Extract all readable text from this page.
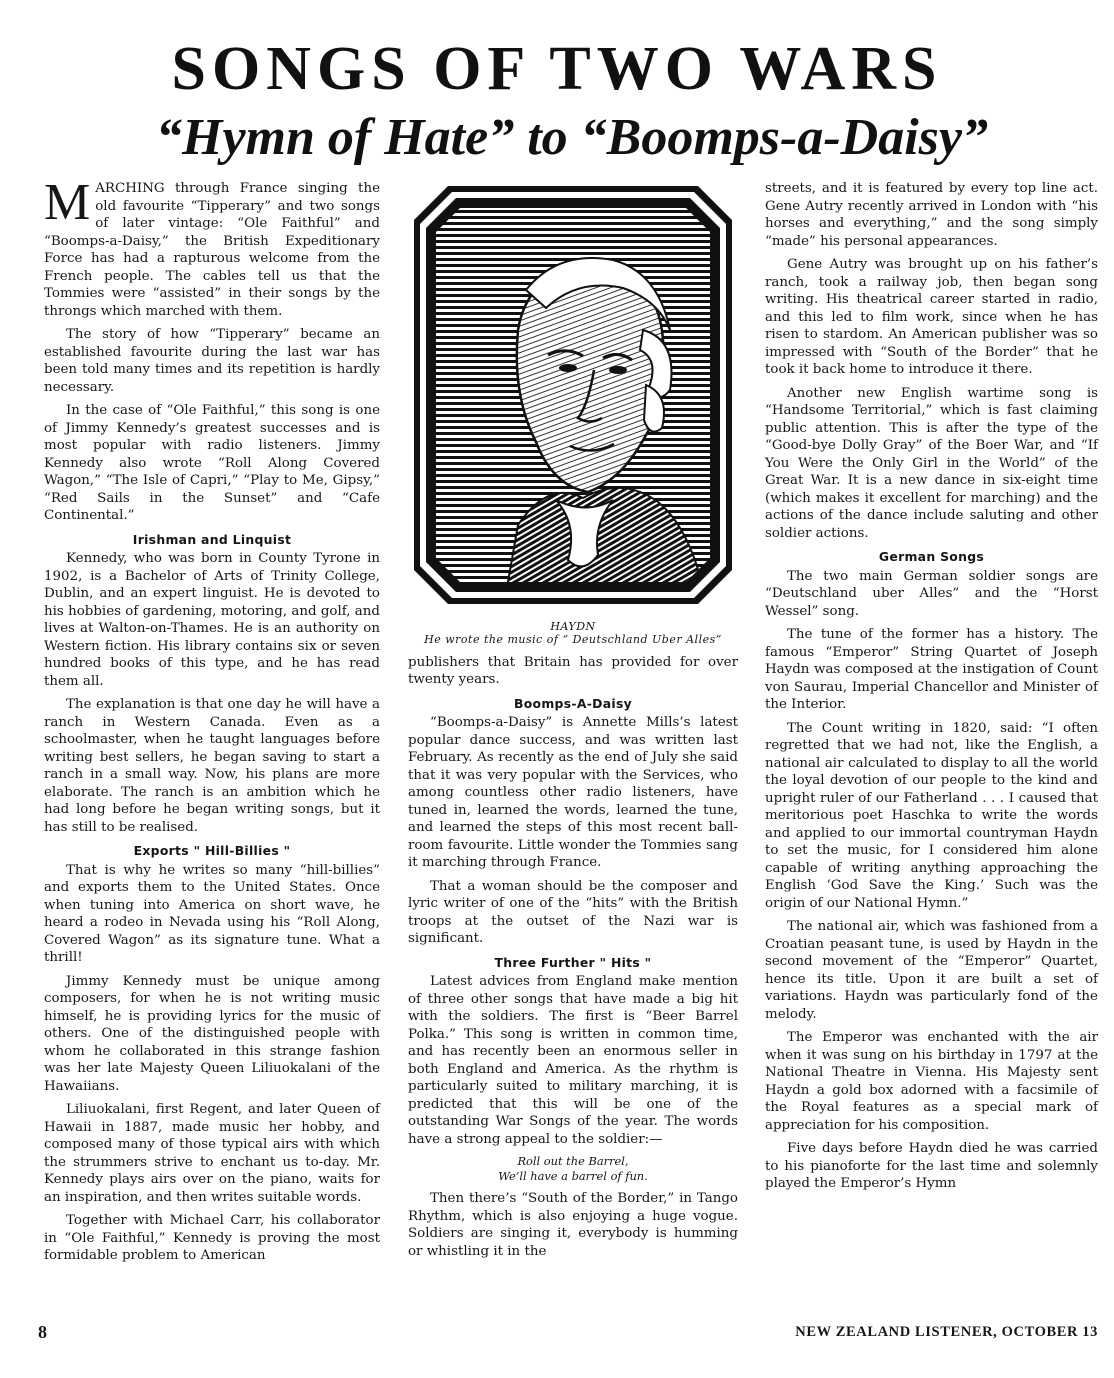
SONGS OF TWO WARS
“Hymn of Hate” to “Boomps-a-Daisy”

MARCHING through France singing the old favourite “Tipperary” and two songs of later vintage: “Ole Faithful” and “Boomps-a-Daisy,” the British Expeditionary Force has had a rapturous welcome from the French people. The cables tell us that the Tommies were “assisted” in their songs by the throngs which marched with them.

The story of how “Tipperary” became an established favourite during the last war has been told many times and its repetition is hardly necessary.

In the case of “Ole Faithful,” this song is one of Jimmy Kennedy’s greatest successes and is most popular with radio listeners. Jimmy Kennedy also wrote “Roll Along Covered Wagon,” “The Isle of Capri,” “Play to Me, Gipsy,” “Red Sails in the Sunset” and “Cafe Continental.”

Irishman and Linquist

Kennedy, who was born in County Tyrone in 1902, is a Bachelor of Arts of Trinity College, Dublin, and an expert linguist. He is devoted to his hobbies of gardening, motoring, and golf, and lives at Walton-on-Thames. He is an authority on Western fiction. His library contains six or seven hundred books of this type, and he has read them all.

The explanation is that one day he will have a ranch in Western Canada. Even as a schoolmaster, when he taught languages before writing best sellers, he began saving to start a ranch in a small way. Now, his plans are more elaborate. The ranch is an ambition which he had long before he began writing songs, but it has still to be realised.

Exports " Hill-Billies "

That is why he writes so many “hill-billies” and exports them to the United States. Once when tuning into America on short wave, he heard a rodeo in Nevada using his “Roll Along, Covered Wagon” as its signature tune. What a thrill!

Jimmy Kennedy must be unique among composers, for when he is not writing music himself, he is providing lyrics for the music of others. One of the distinguished people with whom he collaborated in this strange fashion was her late Majesty Queen Liliuokalani of the Hawaiians.

Liliuokalani, first Regent, and later Queen of Hawaii in 1887, made music her hobby, and composed many of those typical airs with which the strummers strive to enchant us to-day. Mr. Kennedy plays airs over on the piano, waits for an inspiration, and then writes suitable words.

Together with Michael Carr, his collaborator in “Ole Faithful,” Kennedy is proving the most formidable problem to American

HAYDN
He wrote the music of “ Deutschland Uber Alles”

publishers that Britain has provided for over twenty years.

Boomps-A-Daisy

“Boomps-a-Daisy” is Annette Mills’s latest popular dance success, and was written last February. As recently as the end of July she said that it was very popular with the Services, who among countless other radio listeners, have tuned in, learned the words, learned the tune, and learned the steps of this most recent ball-room favourite. Little wonder the Tommies sang it marching through France.

That a woman should be the composer and lyric writer of one of the “hits” with the British troops at the outset of the Nazi war is significant.

Three Further " Hits "

Latest advices from England make mention of three other songs that have made a big hit with the soldiers. The first is “Beer Barrel Polka.” This song is written in common time, and has recently been an enormous seller in both England and America. As the rhythm is particularly suited to military marching, it is predicted that this will be one of the outstanding War Songs of the year. The words have a strong appeal to the soldier:—

Roll out the Barrel,
We’ll have a barrel of fun.

Then there’s “South of the Border,” in Tango Rhythm, which is also enjoying a huge vogue. Soldiers are singing it, everybody is humming or whistling it in the

streets, and it is featured by every top line act. Gene Autry recently arrived in London with “his horses and everything,” and the song simply “made” his personal appearances.

Gene Autry was brought up on his father’s ranch, took a railway job, then began song writing. His theatrical career started in radio, and this led to film work, since when he has risen to stardom. An American publisher was so impressed with “South of the Border” that he took it back home to introduce it there.

Another new English wartime song is “Handsome Territorial,” which is fast claiming public attention. This is after the type of the “Good-bye Dolly Gray” of the Boer War, and “If You Were the Only Girl in the World” of the Great War. It is a new dance in six-eight time (which makes it excellent for marching) and the actions of the dance include saluting and other soldier actions.

German Songs

The two main German soldier songs are “Deutschland uber Alles” and the “Horst Wessel” song.

The tune of the former has a history. The famous “Emperor” String Quartet of Joseph Haydn was composed at the instigation of Count von Saurau, Imperial Chancellor and Minister of the Interior.

The Count writing in 1820, said: “I often regretted that we had not, like the English, a national air calculated to display to all the world the loyal devotion of our people to the kind and upright ruler of our Fatherland . . . I caused that meritorious poet Haschka to write the words and applied to our immortal countryman Haydn to set the music, for I considered him alone capable of writing anything approaching the English ‘God Save the King.’ Such was the origin of our National Hymn.”

The national air, which was fashioned from a Croatian peasant tune, is used by Haydn in the second movement of the “Emperor” Quartet, hence its title. Upon it are built a set of variations. Haydn was particularly fond of the melody.

The Emperor was enchanted with the air when it was sung on his birthday in 1797 at the National Theatre in Vienna. His Majesty sent Haydn a gold box adorned with a facsimile of the Royal features as a special mark of appreciation for his composition.

Five days before Haydn died he was carried to his pianoforte for the last time and solemnly played the Emperor’s Hymn

8	NEW ZEALAND LISTENER, OCTOBER 13
